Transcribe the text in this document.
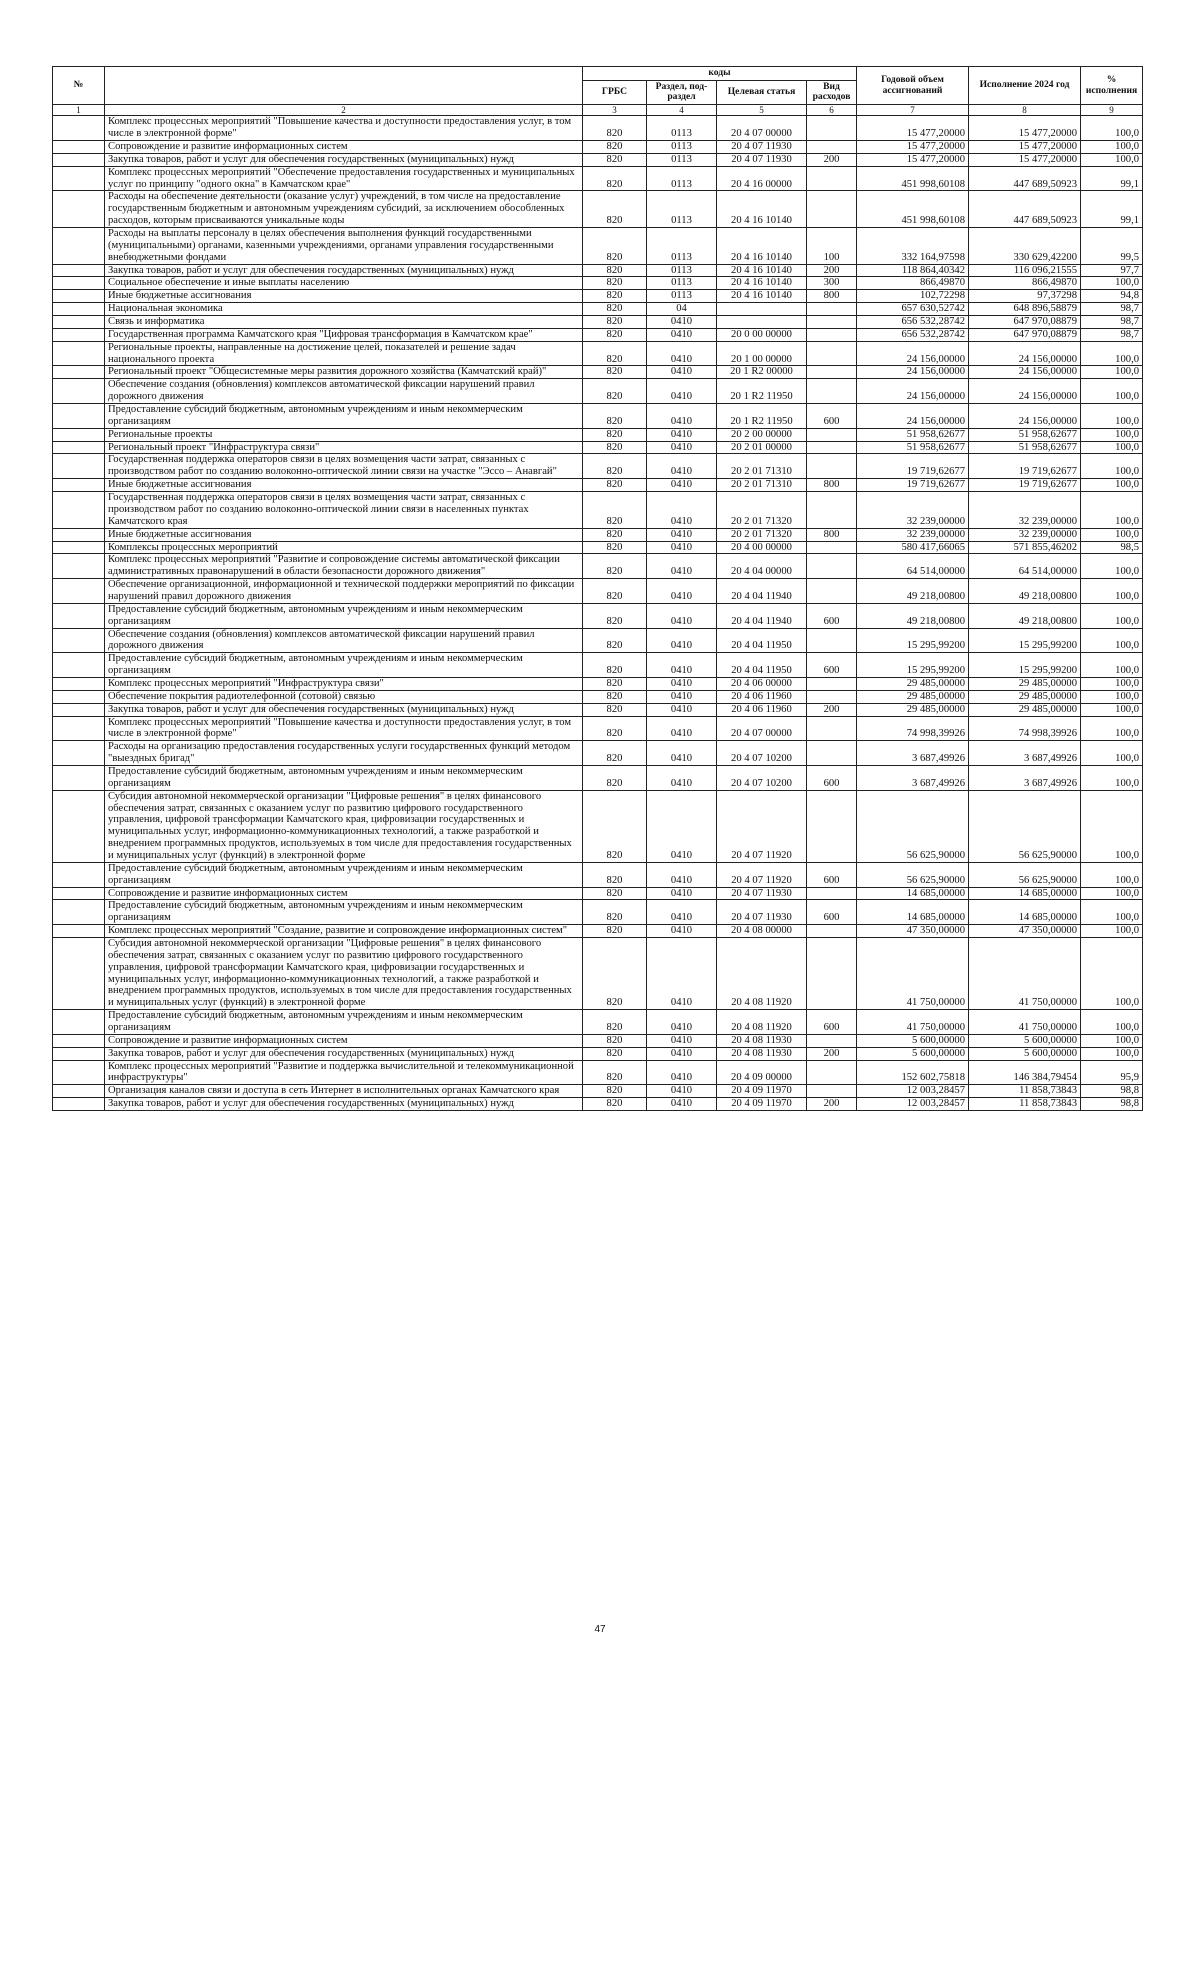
№		коды				Годовой объем ассигнований	Исполнение 2024 год	% исполнения
		ГРБС	Раздел, под- раздел	Целевая статья	Вид расходов			
1	2	3	4	5	6	7	8	9
	Комплекс процессных мероприятий "Повышение качества и доступности предоставления услуг, в том числе в электронной форме"	820	0113	20 4 07 00000		15 477,20000	15 477,20000	100,0
	Сопровождение и развитие информационных систем	820	0113	20 4 07 11930		15 477,20000	15 477,20000	100,0
	Закупка товаров, работ и услуг для обеспечения государственных (муниципальных) нужд	820	0113	20 4 07 11930	200	15 477,20000	15 477,20000	100,0
	Комплекс процессных мероприятий "Обеспечение предоставления государственных и муниципальных услуг по принципу "одного окна" в Камчатском крае"	820	0113	20 4 16 00000		451 998,60108	447 689,50923	99,1
	Расходы на обеспечение деятельности (оказание услуг) учреждений, в том числе на предоставление государственным бюджетным и автономным учреждениям субсидий, за исключением обособленных расходов, которым присваиваются уникальные коды	820	0113	20 4 16 10140		451 998,60108	447 689,50923	99,1
	Расходы на выплаты персоналу в целях обеспечения выполнения функций государственными (муниципальными) органами, казенными учреждениями, органами управления государственными внебюджетными фондами	820	0113	20 4 16 10140	100	332 164,97598	330 629,42200	99,5
	Закупка товаров, работ и услуг для обеспечения государственных (муниципальных) нужд	820	0113	20 4 16 10140	200	118 864,40342	116 096,21555	97,7
	Социальное обеспечение и иные выплаты населению	820	0113	20 4 16 10140	300	866,49870	866,49870	100,0
	Иные бюджетные ассигнования	820	0113	20 4 16 10140	800	102,72298	97,37298	94,8
	Национальная экономика	820	04			657 630,52742	648 896,58879	98,7
	Связь и информатика	820	0410			656 532,28742	647 970,08879	98,7
	Государственная программа Камчатского края "Цифровая трансформация в Камчатском крае"	820	0410	20 0 00 00000		656 532,28742	647 970,08879	98,7
	Региональные проекты, направленные на достижение целей, показателей и решение задач национального проекта	820	0410	20 1 00 00000		24 156,00000	24 156,00000	100,0
	Региональный проект "Общесистемные меры развития дорожного хозяйства (Камчатский край)"	820	0410	20 1 R2 00000		24 156,00000	24 156,00000	100,0
	Обеспечение создания (обновления) комплексов автоматической фиксации нарушений правил дорожного движения	820	0410	20 1 R2 11950		24 156,00000	24 156,00000	100,0
	Предоставление субсидий бюджетным, автономным учреждениям и иным некоммерческим организациям	820	0410	20 1 R2 11950	600	24 156,00000	24 156,00000	100,0
	Региональные проекты	820	0410	20 2 00 00000		51 958,62677	51 958,62677	100,0
	Региональный проект "Инфраструктура связи"	820	0410	20 2 01 00000		51 958,62677	51 958,62677	100,0
	Государственная поддержка операторов связи в целях возмещения части затрат, связанных с производством работ по созданию волоконно-оптической линии связи на участке "Эссо – Анавгай"	820	0410	20 2 01 71310		19 719,62677	19 719,62677	100,0
	Иные бюджетные ассигнования	820	0410	20 2 01 71310	800	19 719,62677	19 719,62677	100,0
	Государственная поддержка операторов связи в целях возмещения части затрат, связанных с производством работ по созданию волоконно-оптической линии связи в населенных пунктах Камчатского края	820	0410	20 2 01 71320		32 239,00000	32 239,00000	100,0
	Иные бюджетные ассигнования	820	0410	20 2 01 71320	800	32 239,00000	32 239,00000	100,0
	Комплексы процессных мероприятий	820	0410	20 4 00 00000		580 417,66065	571 855,46202	98,5
	Комплекс процессных мероприятий "Развитие и сопровождение системы автоматической фиксации административных правонарушений в области безопасности дорожного движения"	820	0410	20 4 04 00000		64 514,00000	64 514,00000	100,0
	Обеспечение организационной, информационной и технической поддержки мероприятий по фиксации нарушений правил дорожного движения	820	0410	20 4 04 11940		49 218,00800	49 218,00800	100,0
	Предоставление субсидий бюджетным, автономным учреждениям и иным некоммерческим организациям	820	0410	20 4 04 11940	600	49 218,00800	49 218,00800	100,0
	Обеспечение создания (обновления) комплексов автоматической фиксации нарушений правил дорожного движения	820	0410	20 4 04 11950		15 295,99200	15 295,99200	100,0
	Предоставление субсидий бюджетным, автономным учреждениям и иным некоммерческим организациям	820	0410	20 4 04 11950	600	15 295,99200	15 295,99200	100,0
	Комплекс процессных мероприятий "Инфраструктура связи"	820	0410	20 4 06 00000		29 485,00000	29 485,00000	100,0
	Обеспечение покрытия радиотелефонной (сотовой) связью	820	0410	20 4 06 11960		29 485,00000	29 485,00000	100,0
	Закупка товаров, работ и услуг для обеспечения государственных (муниципальных) нужд	820	0410	20 4 06 11960	200	29 485,00000	29 485,00000	100,0
	Комплекс процессных мероприятий "Повышение качества и доступности предоставления услуг, в том числе в электронной форме"	820	0410	20 4 07 00000		74 998,39926	74 998,39926	100,0
	Расходы на организацию предоставления государственных услуги государственных функций методом "выездных бригад"	820	0410	20 4 07 10200		3 687,49926	3 687,49926	100,0
	Предоставление субсидий бюджетным, автономным учреждениям и иным некоммерческим организациям	820	0410	20 4 07 10200	600	3 687,49926	3 687,49926	100,0
	Субсидия автономной некоммерческой организации "Цифровые решения" в целях финансового обеспечения затрат, связанных с оказанием услуг по развитию цифрового государственного управления, цифровой трансформации Камчатского края, цифровизации государственных и муниципальных услуг, информационно-коммуникационных технологий, а также разработкой и внедрением программных продуктов, используемых в том числе для предоставления государственных и муниципальных услуг (функций) в электронной форме	820	0410	20 4 07 11920		56 625,90000	56 625,90000	100,0
	Предоставление субсидий бюджетным, автономным учреждениям и иным некоммерческим организациям	820	0410	20 4 07 11920	600	56 625,90000	56 625,90000	100,0
	Сопровождение и развитие информационных систем	820	0410	20 4 07 11930		14 685,00000	14 685,00000	100,0
	Предоставление субсидий бюджетным, автономным учреждениям и иным некоммерческим организациям	820	0410	20 4 07 11930	600	14 685,00000	14 685,00000	100,0
	Комплекс процессных мероприятий "Создание, развитие и сопровождение информационных систем"	820	0410	20 4 08 00000		47 350,00000	47 350,00000	100,0
	Субсидия автономной некоммерческой организации "Цифровые решения" в целях финансового обеспечения затрат, связанных с оказанием услуг по развитию цифрового государственного управления, цифровой трансформации Камчатского края, цифровизации государственных и муниципальных услуг, информационно-коммуникационных технологий, а также разработкой и внедрением программных продуктов, используемых в том числе для предоставления государственных и муниципальных услуг (функций) в электронной форме	820	0410	20 4 08 11920		41 750,00000	41 750,00000	100,0
	Предоставление субсидий бюджетным, автономным учреждениям и иным некоммерческим организациям	820	0410	20 4 08 11920	600	41 750,00000	41 750,00000	100,0
	Сопровождение и развитие информационных систем	820	0410	20 4 08 11930		5 600,00000	5 600,00000	100,0
	Закупка товаров, работ и услуг для обеспечения государственных (муниципальных) нужд	820	0410	20 4 08 11930	200	5 600,00000	5 600,00000	100,0
	Комплекс процессных мероприятий "Развитие и поддержка вычислительной и телекоммуникационной инфраструктуры"	820	0410	20 4 09 00000		152 602,75818	146 384,79454	95,9
	Организация каналов связи и доступа в сеть Интернет в исполнительных органах Камчатского края	820	0410	20 4 09 11970		12 003,28457	11 858,73843	98,8
	Закупка товаров, работ и услуг для обеспечения государственных (муниципальных) нужд	820	0410	20 4 09 11970	200	12 003,28457	11 858,73843	98,8
47
